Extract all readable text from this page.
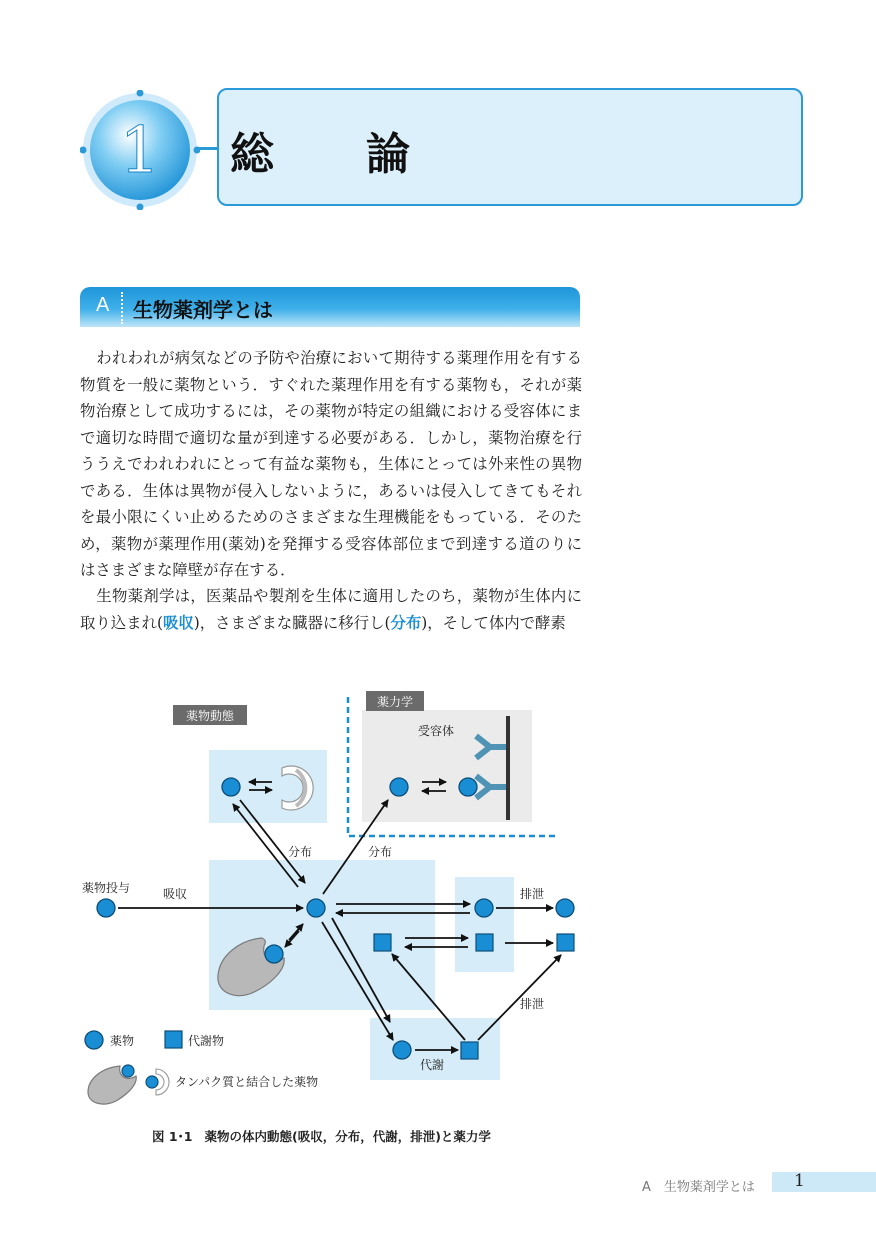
1 総　論
A 生物薬剤学とは

われわれが病気などの予防や治療において期待する薬理作用を有する物質を一般に薬物という．すぐれた薬理作用を有する薬物も，それが薬物治療として成功するには，その薬物が特定の組織における受容体にまで適切な時間で適切な量が到達する必要がある．しかし，薬物治療を行ううえでわれわれにとって有益な薬物も，生体にとっては外来性の異物である．生体は異物が侵入しないように，あるいは侵入してきてもそれを最小限にくい止めるためのさまざまな生理機能をもっている．そのため，薬物が薬理作用(薬効)を発揮する受容体部位まで到達する道のりにはさまざまな障壁が存在する．

生物薬剤学は，医薬品や製剤を生体に適用したのち，薬物が生体内に取り込まれ(吸収)，さまざまな臓器に移行し(分布)，そして体内で酵素

薬物動態
薬力学
受容体
分布	分布
薬物投与	吸収	排泄
代謝
排泄
薬物	代謝物
タンパク質と結合した薬物
図 1･1 薬物の体内動態(吸収，分布，代謝，排泄)と薬力学
A　生物薬剤学とは 1
